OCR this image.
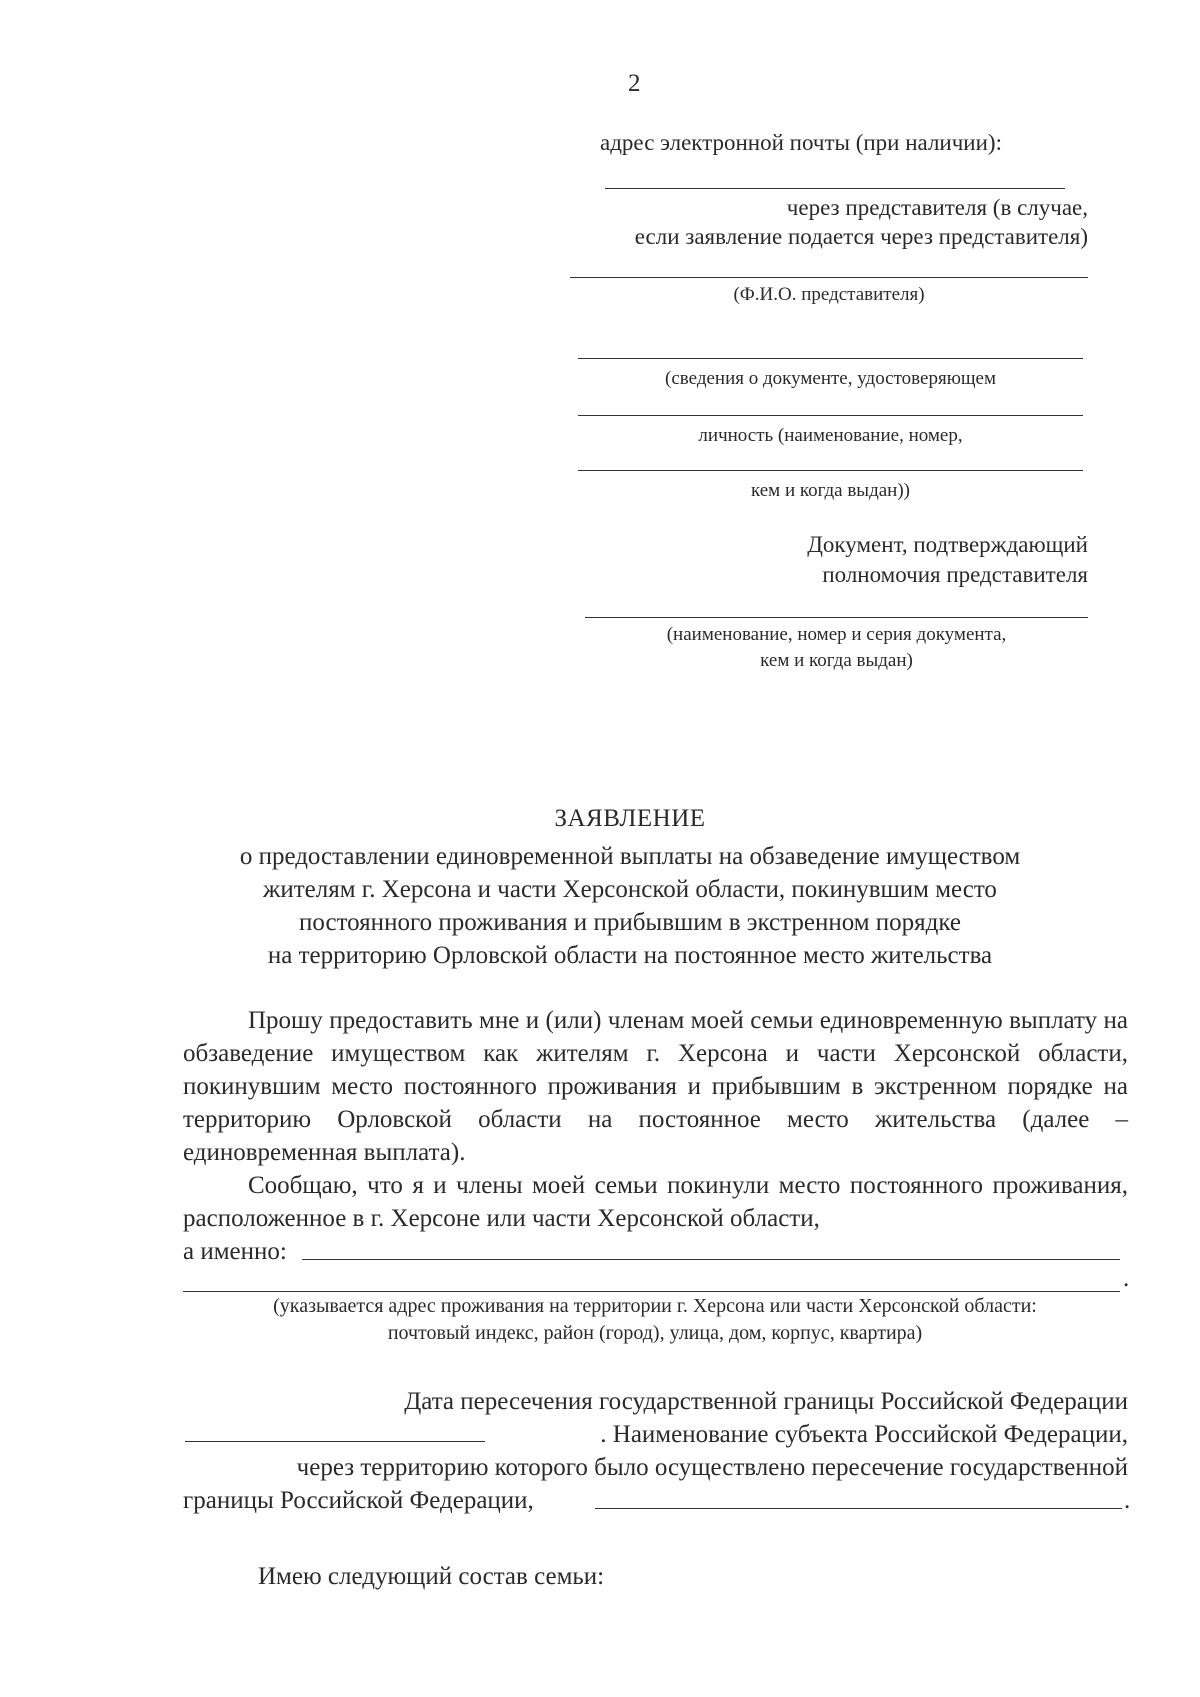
2
адрес электронной почты (при наличии):
через представителя (в случае,
если заявление подается через представителя)
(Ф.И.О. представителя)
(сведения о документе, удостоверяющем
личность (наименование, номер,
кем и когда выдан))
Документ, подтверждающий
полномочия представителя
(наименование, номер и серия документа,
кем и когда выдан)
ЗАЯВЛЕНИЕ
о предоставлении единовременной выплаты на обзаведение имуществом
жителям г. Херсона и части Херсонской области, покинувшим место
постоянного проживания и прибывшим в экстренном порядке
на территорию Орловской области на постоянное место жительства
Прошу предоставить мне и (или) членам моей семьи единовременную выплату на обзаведение имуществом как жителям г. Херсона и части Херсонской области, покинувшим место постоянного проживания и прибывшим в экстренном порядке на территорию Орловской области на постоянное место жительства (далее – единовременная выплата).
Сообщаю, что я и члены моей семьи покинули место постоянного проживания, расположенное в г. Херсоне или части Херсонской области,
а именно:
.
(указывается адрес проживания на территории г. Херсона или части Херсонской области:
почтовый индекс, район (город), улица, дом, корпус, квартира)
Дата пересечения государственной границы Российской Федерации
. Наименование субъекта Российской Федерации,
через территорию которого было осуществлено пересечение государственной
границы Российской Федерации,	.
Имею следующий состав семьи:
